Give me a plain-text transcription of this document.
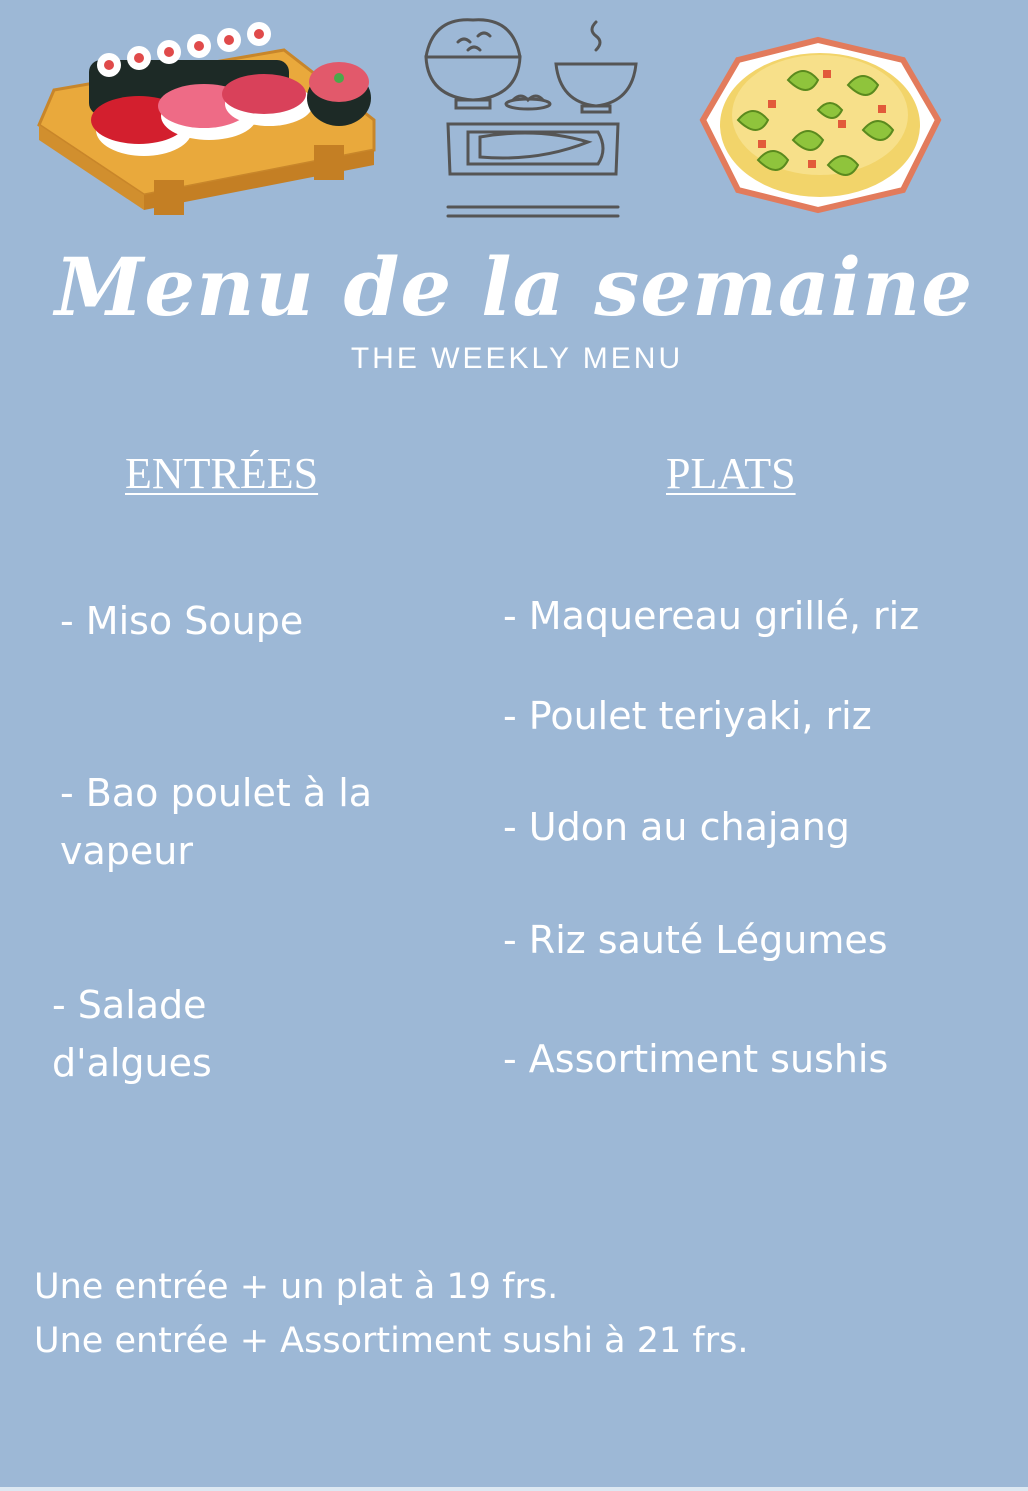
Menu de la semaine
THE WEEKLY MENU
ENTRÉES	PLATS
- Miso Soupe
- Bao poulet à la
vapeur
- Salade
d'algues
- Maquereau grillé, riz
- Poulet teriyaki, riz
- Udon au chajang
- Riz sauté Légumes
- Assortiment sushis
Une entrée + un plat à 19 frs.
Une entrée + Assortiment sushi à 21 frs.
